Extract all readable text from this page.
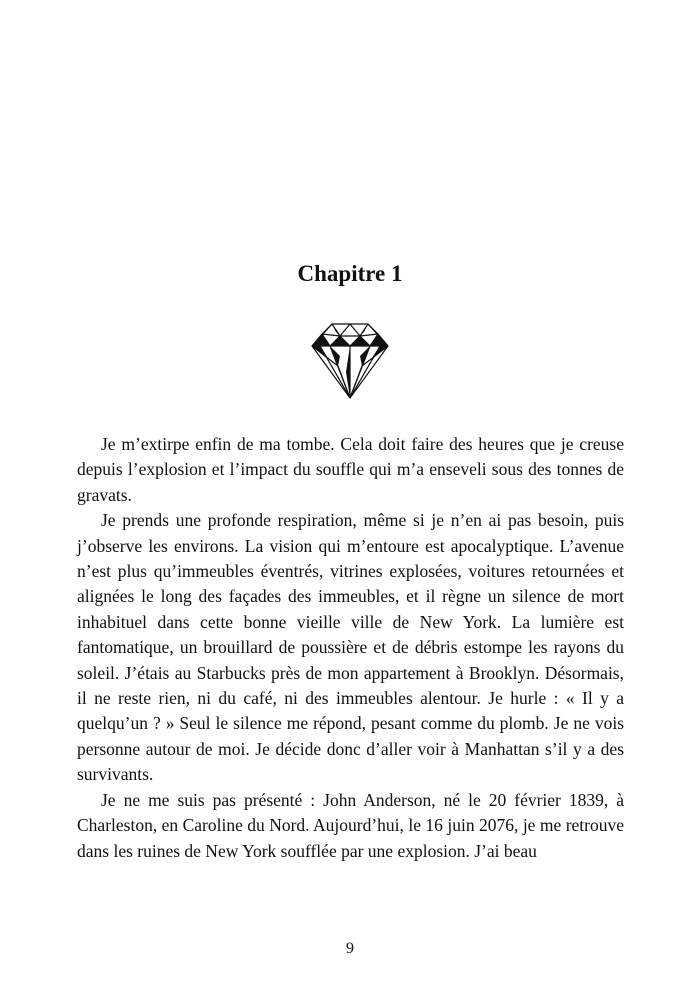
Chapitre 1

Je m’extirpe enfin de ma tombe. Cela doit faire des heures que je creuse depuis l’explosion et l’impact du souffle qui m’a enseveli sous des tonnes de gravats.

Je prends une profonde respiration, même si je n’en ai pas besoin, puis j’observe les environs. La vision qui m’entoure est apocalyptique. L’avenue n’est plus qu’immeubles éventrés, vitrines explosées, voitures retournées et alignées le long des façades des immeubles, et il règne un silence de mort inhabituel dans cette bonne vieille ville de New York. La lumière est fantomatique, un brouillard de poussière et de débris estompe les rayons du soleil. J’étais au Starbucks près de mon appartement à Brooklyn. Désormais, il ne reste rien, ni du café, ni des immeubles alentour. Je hurle : « Il y a quelqu’un ? » Seul le silence me répond, pesant comme du plomb. Je ne vois personne autour de moi. Je décide donc d’aller voir à Manhattan s’il y a des survivants.

Je ne me suis pas présenté : John Anderson, né le 20 février 1839, à Charleston, en Caroline du Nord. Aujourd’hui, le 16 juin 2076, je me retrouve dans les ruines de New York soufflée par une explosion. J’ai beau

9
